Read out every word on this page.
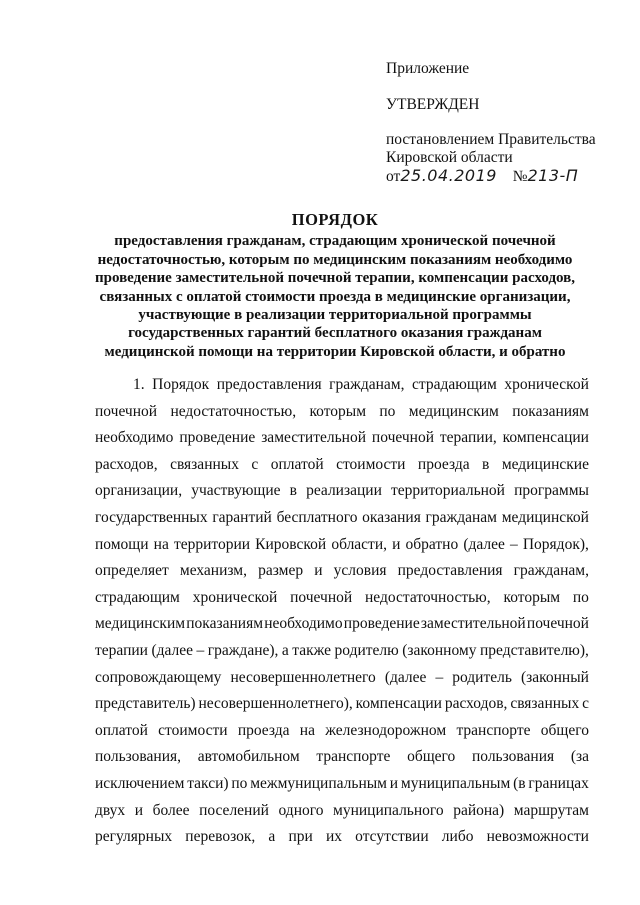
Приложение
УТВЕРЖДЕН
постановлением Правительства
Кировской области
от25.04.2019 №213-П
ПОРЯДОК
предоставления гражданам, страдающим хронической почечной
недостаточностью, которым по медицинским показаниям необходимо
проведение заместительной почечной терапии, компенсации расходов,
связанных с оплатой стоимости проезда в медицинские организации,
участвующие в реализации территориальной программы
государственных гарантий бесплатного оказания гражданам
медицинской помощи на территории Кировской области, и обратно
1. Порядок предоставления гражданам, страдающим хронической
почечной недостаточностью, которым по медицинским показаниям
необходимо проведение заместительной почечной терапии, компенсации
расходов, связанных с оплатой стоимости проезда в медицинские
организации, участвующие в реализации территориальной программы
государственных гарантий бесплатного оказания гражданам медицинской
помощи на территории Кировской области, и обратно (далее – Порядок),
определяет механизм, размер и условия предоставления гражданам,
страдающим хронической почечной недостаточностью, которым по
медицинским показаниям необходимо проведение заместительной почечной
терапии (далее – граждане), а также родителю (законному представителю),
сопровождающему несовершеннолетнего (далее – родитель (законный
представитель) несовершеннолетнего), компенсации расходов, связанных с
оплатой стоимости проезда на железнодорожном транспорте общего
пользования, автомобильном транспорте общего пользования (за
исключением такси) по межмуниципальным и муниципальным (в границах
двух и более поселений одного муниципального района) маршрутам
регулярных перевозок, а при их отсутствии либо невозможности
